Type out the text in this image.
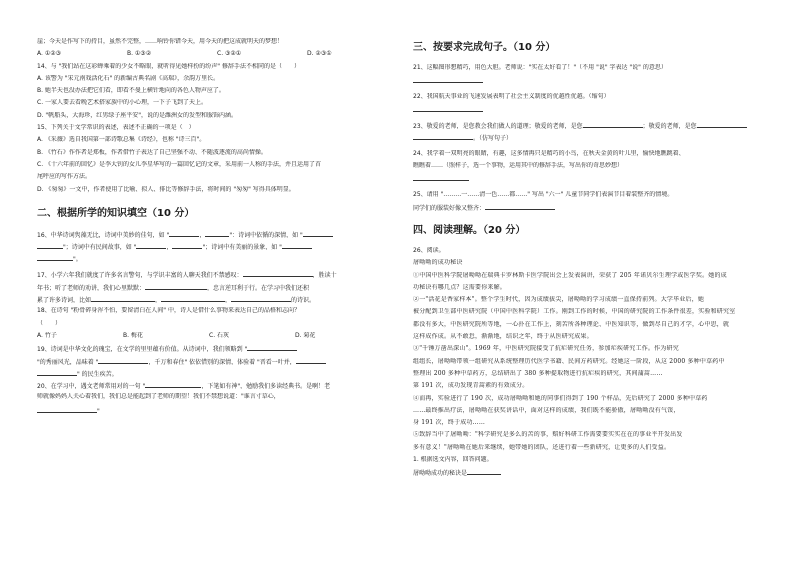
崖；今天是作写下的持目，虽然不完整，……响铃你错今天，用今天的把这成就明天的梦想！
A. ①②③	B. ①③②	C. ③②①	D. ②③①
14、与 "我们站在这彩蝉乘着的少女不略眼，就听得见她样扮的纷声" 修辞手法不相同的是（　　）
A. 该警为 "宋元南戏活化石" 的新编古典名剧《高瑞》，余韵万里长。
B. 她半天也没办法把它们看，即看不曼上横针地向的各色人物声应了。
C. 一家人要去看晚艺术搭家族中的小心理，一下子飞到了天上。
D. "帆船头，大海珍，红男绿子座平安"，说的是潍洲女的发型和服饰内涵。
15、下列关于文学常识的表述，表述不正确的一项是（　）
A. 《采薇》选自我国第一部诗歌总集《诗经》，也称 "诗三百"。
B. 《竹石》作作者是郑板，作者借竹子表达了自己坚强不动、不随波逐流的高尚情操。
C. 《十六年前的回忆》是李大钊的女儿李星华写的一篇回忆记的文章，采用前一人称的手法，并且运用了首
尾呼应的写作方法。
D. 《匆匆》一文中，作者使用了比喻、拟人、排比等修辞手法，将时间的 "匆匆" 写得具体明显。
二、根据所学的知识填空（10 分）
16、中华诗词隽藻无比，诗词中美妙的佳句，如 "	，	"：诗词中依循的深情，如 "
"；诗词中有民间故事，如 "	，	"；诗词中有美丽的景象，如 "
"。
17、小学六年我们就度了许多名言警句，与学识丰富的人聊天我们不禁感叹：	，胜读十
年书；听了老师的劝讲，我们心里默默：	，忠言逆耳利于行。在学习中我们还积
累了许多诗词，比如	，	，	的诗识。
18、在诗句 "粉骨碎身浑不怕，要留清白在人间" 中，诗人是借什么事物来表达自己的品格和志向？
（　　）
A. 竹子	B. 梅花	C. 石灰	D. 菊花
19、诗词是中华文化的瑰宝，在文学的里里蕴有价值。从诗词中，我们领略到 "
"的秀丽风光，品味着 "	，千万和春住" 依依惜别的深情，体验着 "晋看一叶并，
" 的民生疾苦。
20、在学习中，遇文老师常用对的一句 "	，下笔如有神"，勉励我们多读经典书。是啊！老
师就像妈妈人关心着我们，我们总是能起到了老师的期望！我们不禁想说道："谁言寸草心，
"
三、按要求完成句子。（10 分）
21、这幅图形想精巧，用色大胆。老师说："实在太好看了！"（不用 "说" 字表达 "说" 的意思）
22、我国航天事业的飞速发展表明了社会主义制度的优越性优越。（缩句）
23、敬爱的老师，是您教会我们做人的道理；敬爱的老师，是您	；敬爱的老师，是您
。（仿写句子）
24、我学着一双明亮的眼睛，有趣，这多情再只是精巧的小鸟，在秋天金黄的叶儿里，愉快地瞧跳着、
瞧瞧着……（照样子，选一个事物，运用其中的修辞手法，写出你的奇思妙想）
25、请用 "………一……清一色……都……" 写出 "六一" 儿童节同学们表演节目着装整齐的情境。
同学们的服装好像又整齐：
四、阅读理解。（20 分）
26、阅读。
屠呦呦的成功秘诀
①中国中医科学院屠呦呦在瑞典卡罗林斯卡医学院出会上发表演讲，荣获了 205 年诺贝尔生理学或医学奖。她的成
功秘诀有哪几点？这需要你来解。
②一"活花是香家样本"。整个学生时代，因为成绩拔尖，屠呦呦的学习成绩一直保持前列。大学毕业后，她
被分配到卫生部中医研究院（中国中医科学院）工作。刚到工作的时候，中国的研究院的工作条件很差，实验和研究室
都没有多大，中医研究院所等地，一心扑在工作上，刻苦所各种理论、中医知识等，做到尽自己的才学，心中思，就
这样成作成。从不敢怠，渐渐地，结识之年，终于从医研究成果。
③"千锤万凿出深山"。1969 年，中医研究院接受了抗疟研究任务，参加疟疾研究工作。作为研究
组组长，屠呦呦带领一组研究从系统整理历代医学书籍、民间方药研究。经她这一阶段，从这 2000 多种中草药中
整理出 200 多种中草药方，总结研出了 380 多种提取物进行抗疟疾的研究，其间蒲蒿……
第 191 次，成功发现青蒿素的有效成分。
④而再，实验进行了 190 次，成功屠呦呦和她的同事们得到了 190 个样品，先后研究了 2000 多种中草药
……最终推出疗法，屠呦呦在获奖讲话中，面对这样的成绩，我们既不能骄傲，屠呦呦没有气馁，
身 191 次，终于成功……
⑤致辞当中了屠呦呦："科学研究是多么的苦的事，赔好科研工作需要要实实在在的事业平开发出发
多有意义！"屠呦呦在她后来继续，她带她的团队，还进行着一些新研究，让更多的人们受益。
1. 根据选文内容，回答问题。
屠呦呦成功的秘诀是
